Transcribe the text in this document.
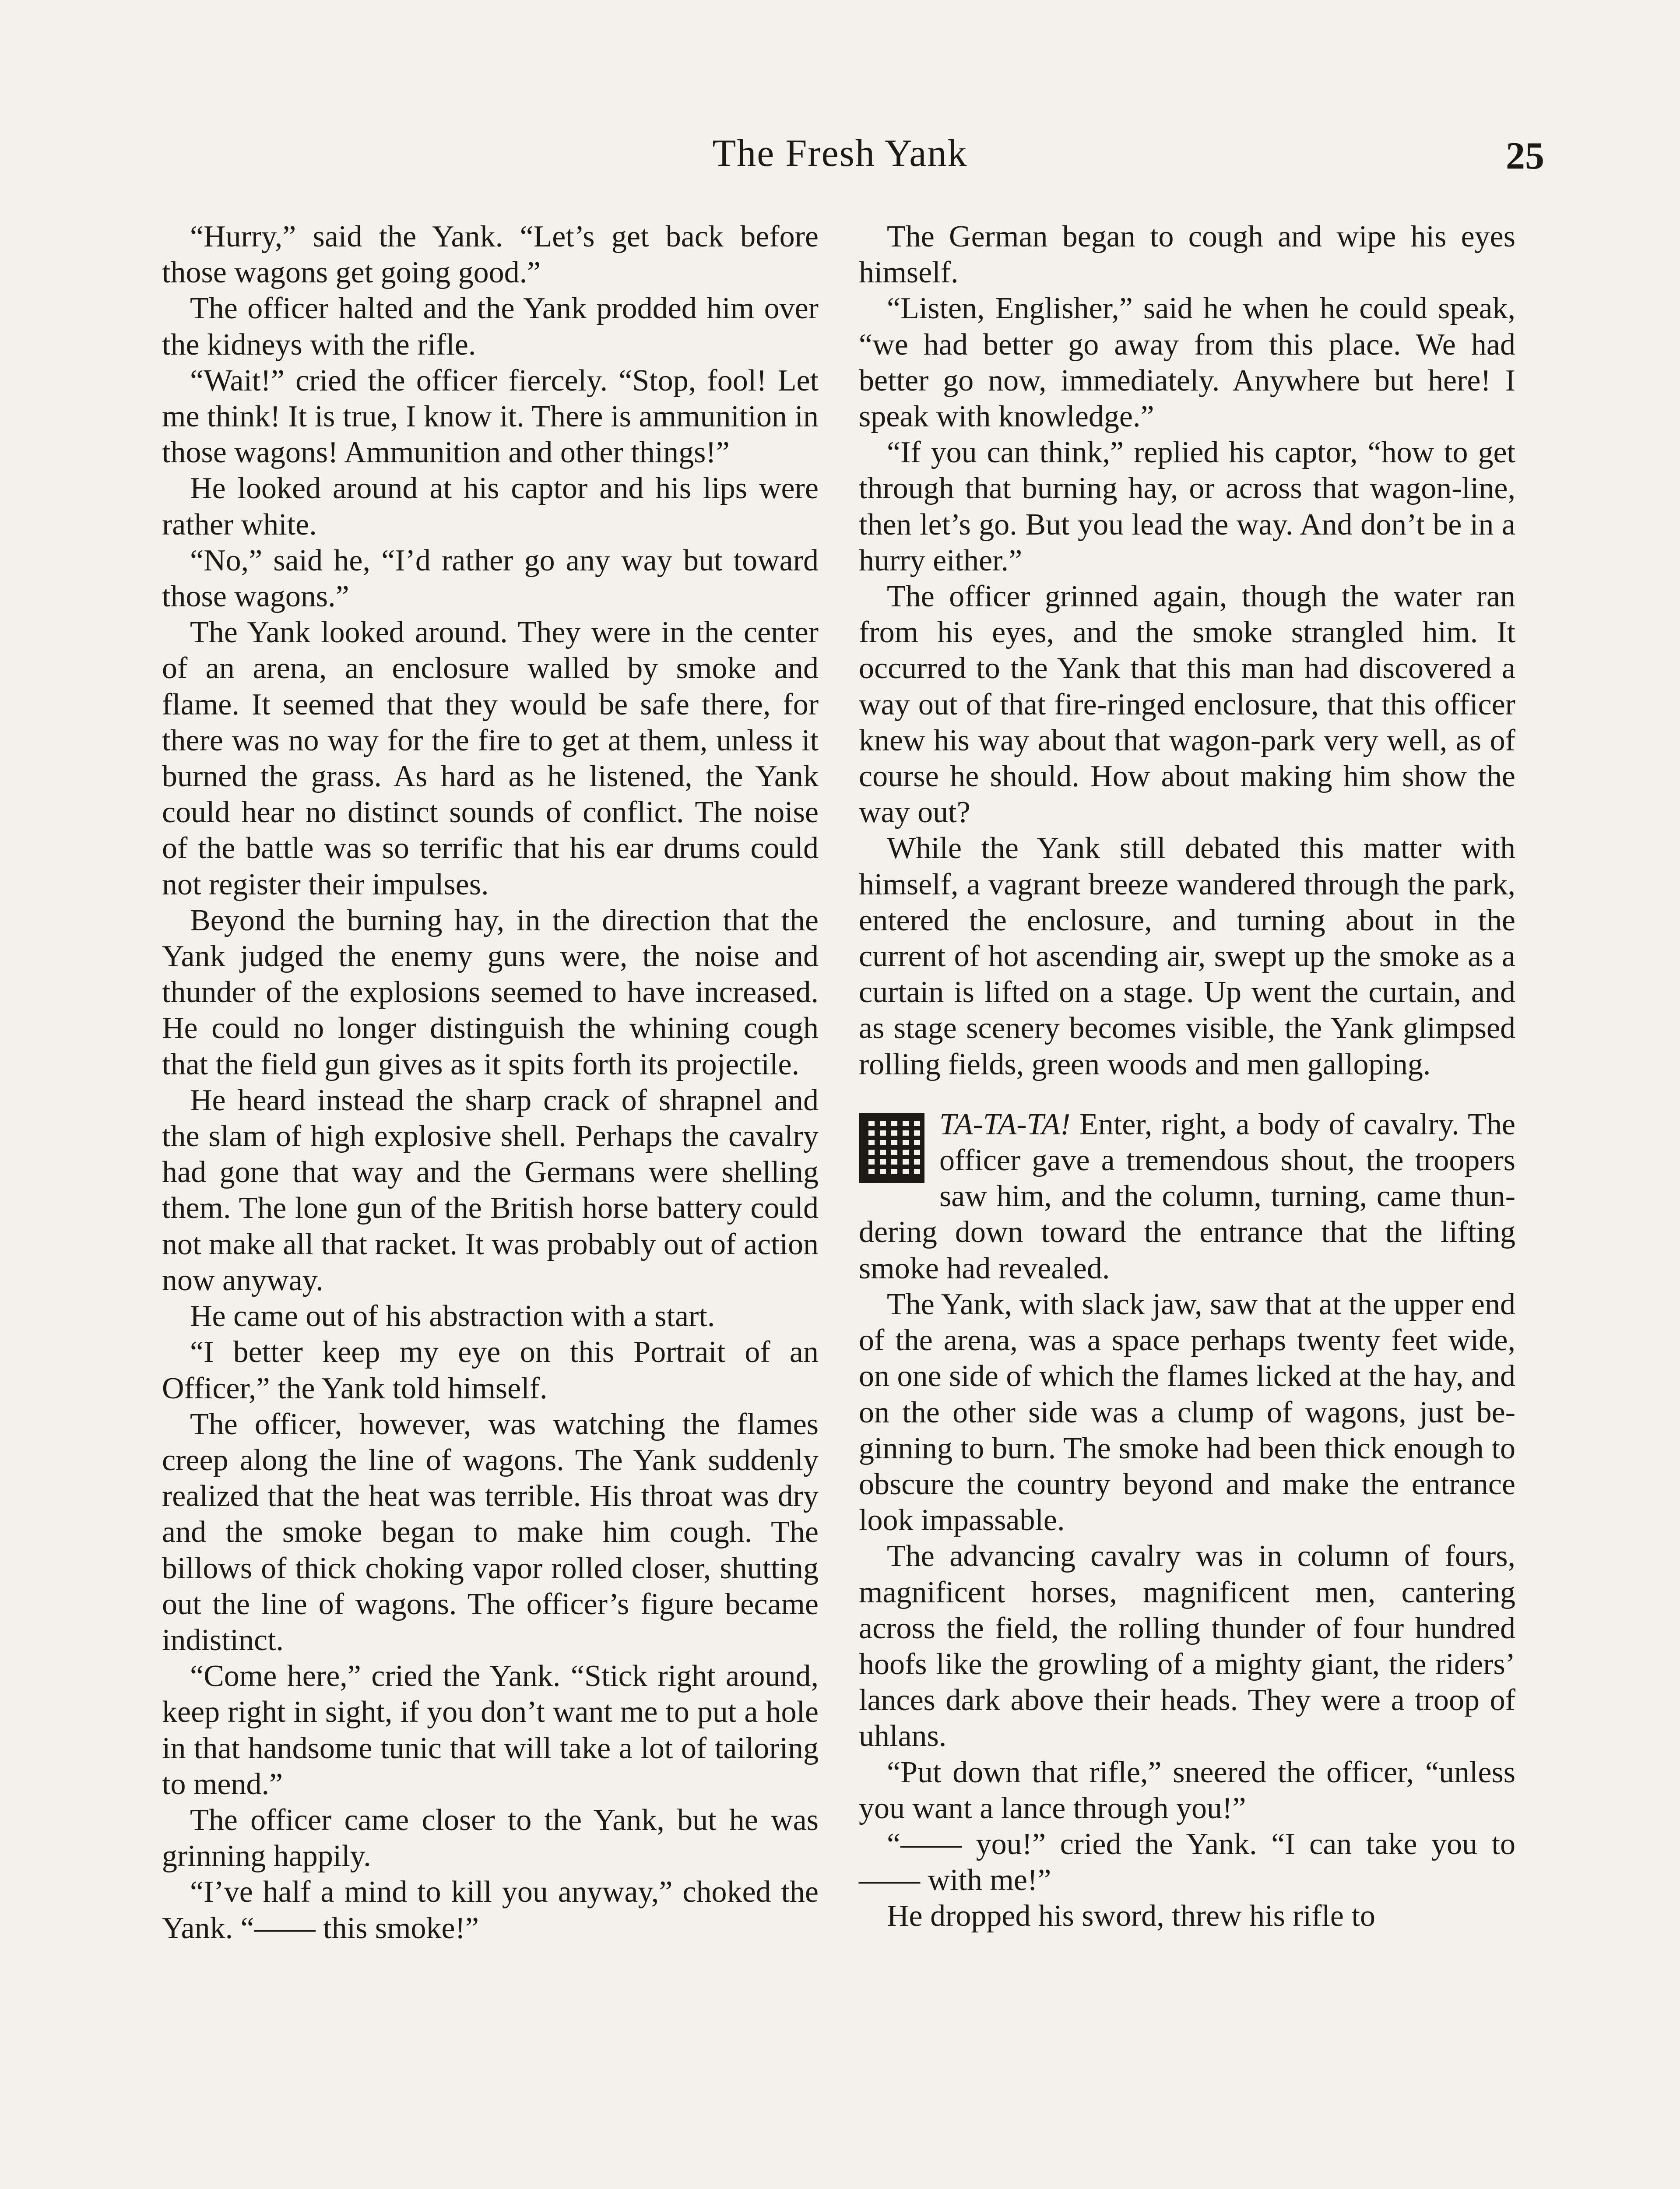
The Fresh Yank	25

“Hurry,” said the Yank. “Let’s get back before those wagons get going good.”

The officer halted and the Yank prodded him over the kidneys with the rifle.

“Wait!” cried the officer fiercely. “Stop, fool! Let me think! It is true, I know it. There is ammunition in those wagons! Ammunition and other things!”

He looked around at his captor and his lips were rather white.

“No,” said he, “I’d rather go any way but toward those wagons.”

The Yank looked around. They were in the center of an arena, an enclosure walled by smoke and flame. It seemed that they would be safe there, for there was no way for the fire to get at them, unless it burned the grass. As hard as he listened, the Yank could hear no distinct sounds of conflict. The noise of the battle was so terrific that his ear drums could not register their impulses.

Beyond the burning hay, in the direction that the Yank judged the enemy guns were, the noise and thunder of the explosions seemed to have increased. He could no longer distinguish the whining cough that the field gun gives as it spits forth its projectile.

He heard instead the sharp crack of shrapnel and the slam of high explosive shell. Perhaps the cavalry had gone that way and the Germans were shelling them. The lone gun of the British horse battery could not make all that racket. It was probably out of action now anyway.

He came out of his abstraction with a start.

“I better keep my eye on this Portrait of an Officer,” the Yank told himself.

The officer, however, was watching the flames creep along the line of wagons. The Yank suddenly realized that the heat was terrible. His throat was dry and the smoke began to make him cough. The billows of thick choking vapor rolled closer, shutting out the line of wagons. The officer’s figure became indistinct.

“Come here,” cried the Yank. “Stick right around, keep right in sight, if you don’t want me to put a hole in that handsome tunic that will take a lot of tailoring to mend.”

The officer came closer to the Yank, but he was grinning happily.

“I’ve half a mind to kill you anyway,” choked the Yank. “—— this smoke!”

The German began to cough and wipe his eyes himself.

“Listen, Englisher,” said he when he could speak, “we had better go away from this place. We had better go now, immediately. Anywhere but here! I speak with knowledge.”

“If you can think,” replied his captor, “how to get through that burning hay, or across that wagon-line, then let’s go. But you lead the way. And don’t be in a hurry either.”

The officer grinned again, though the water ran from his eyes, and the smoke strangled him. It occurred to the Yank that this man had discovered a way out of that fire-ringed enclosure, that this officer knew his way about that wagon-park very well, as of course he should. How about making him show the way out?

While the Yank still debated this matter with himself, a vagrant breeze wandered through the park, entered the enclosure, and turning about in the current of hot ascending air, swept up the smoke as a curtain is lifted on a stage. Up went the curtain, and as stage scenery becomes visible, the Yank glimpsed rolling fields, green woods and men galloping.

TA-TA-TA! Enter, right, a body of cavalry. The officer gave a tremendous shout, the troopers saw him, and the column, turning, came thundering down toward the entrance that the lifting smoke had revealed.

The Yank, with slack jaw, saw that at the upper end of the arena, was a space perhaps twenty feet wide, on one side of which the flames licked at the hay, and on the other side was a clump of wagons, just beginning to burn. The smoke had been thick enough to obscure the country beyond and make the entrance look impassable.

The advancing cavalry was in column of fours, magnificent horses, magnificent men, cantering across the field, the rolling thunder of four hundred hoofs like the growling of a mighty giant, the riders’ lances dark above their heads. They were a troop of uhlans.

“Put down that rifle,” sneered the officer, “unless you want a lance through you!”

“—— you!” cried the Yank. “I can take you to —— with me!”

He dropped his sword, threw his rifle to
